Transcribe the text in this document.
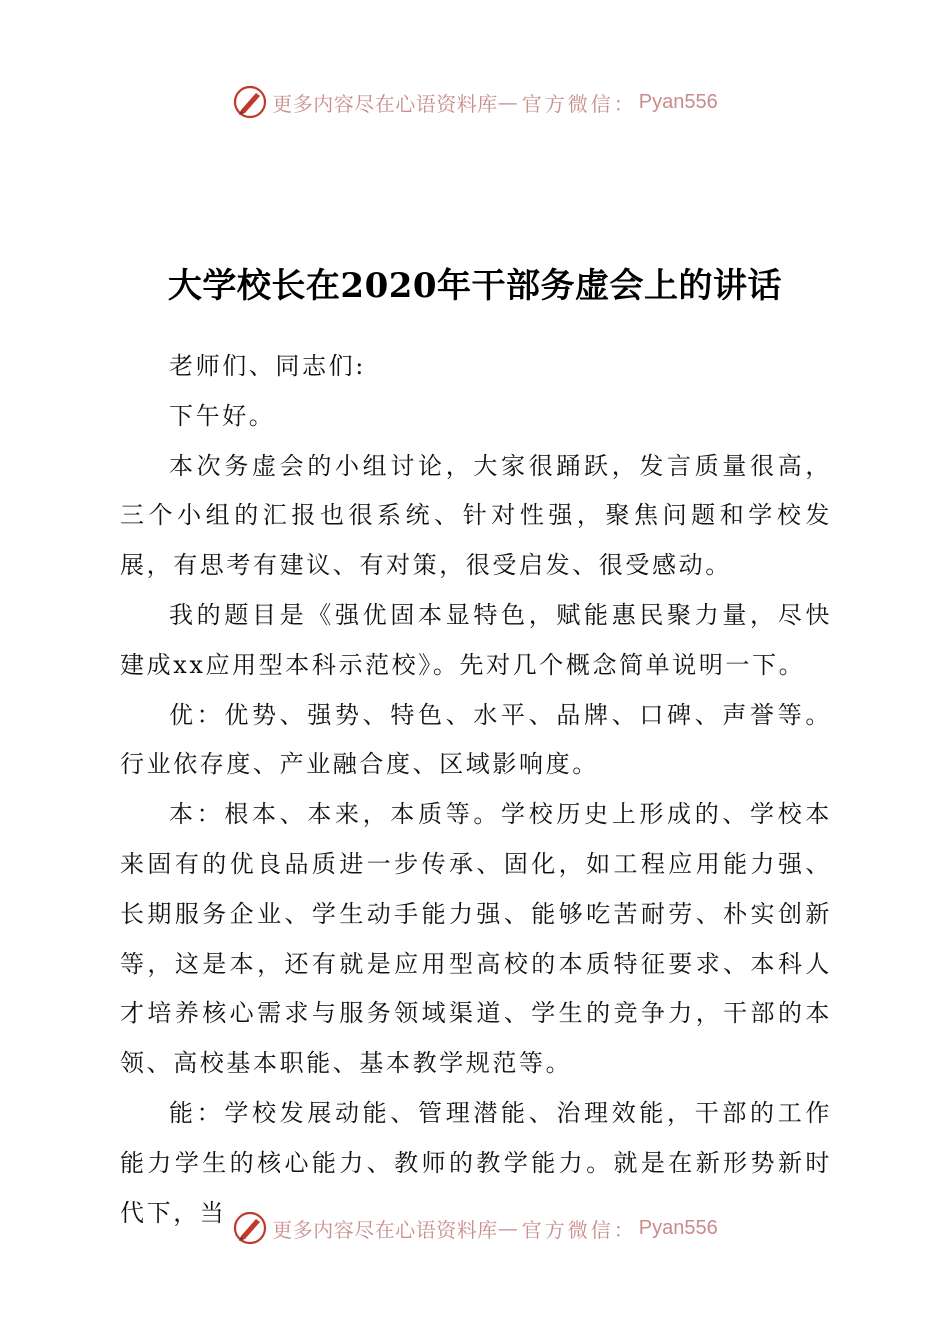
更多内容尽在心语资料库 — 官方微信： Pyan556
大学校长在2020年干部务虚会上的讲话

老师们、同志们:

下午好。

本次务虚会的小组讨论，大家很踊跃，发言质量很高，三个小组的汇报也很系统、针对性强，聚焦问题和学校发展，有思考有建议、有对策，很受启发、很受感动。

我的题目是《强优固本显特色，赋能惠民聚力量，尽快建成xx应用型本科示范校》。先对几个概念简单说明一下。

优：优势、强势、特色、水平、品牌、口碑、声誉等。行业依存度、产业融合度、区域影响度。

本：根本、本来，本质等。学校历史上形成的、学校本来固有的优良品质进一步传承、固化，如工程应用能力强、长期服务企业、学生动手能力强、能够吃苦耐劳、朴实创新等，这是本，还有就是应用型高校的本质特征要求、本科人才培养核心需求与服务领域渠道、学生的竞争力，干部的本领、高校基本职能、基本教学规范等。

能：学校发展动能、管理潜能、治理效能，干部的工作能力学生的核心能力、教师的教学能力。就是在新形势新时代下，当

更多内容尽在心语资料库 — 官方微信： Pyan556
